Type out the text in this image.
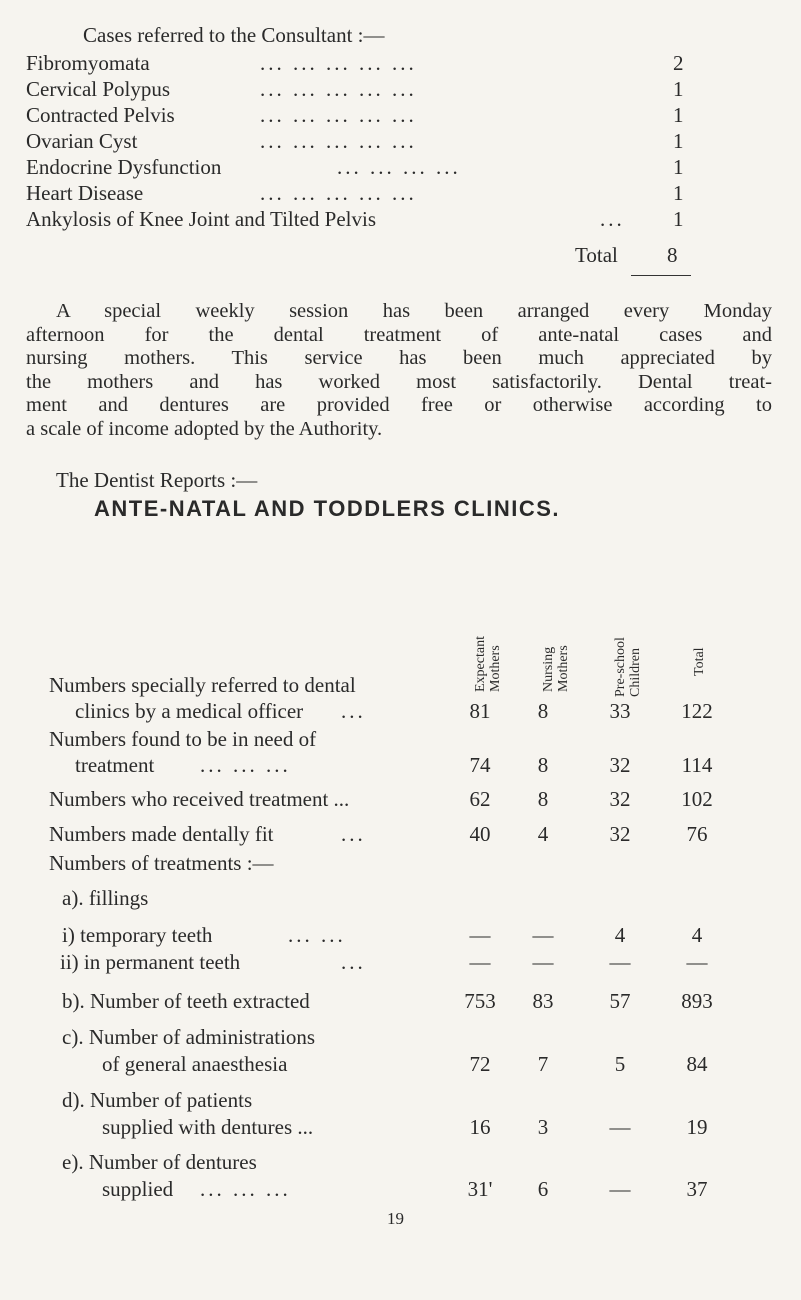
Cases referred to the Consultant :—
Fibromyomata	... ... ... ... ...	2
Cervical Polypus	... ... ... ... ...	1
Contracted Pelvis	... ... ... ... ...	1
Ovarian Cyst	... ... ... ... ...	1
Endocrine Dysfunction	... ... ... ...	1
Heart Disease	... ... ... ... ...	1
Ankylosis of Knee Joint and Tilted Pelvis	... 1
Total 8
A special weekly session has been arranged every Monday
afternoon for the dental treatment of ante-natal cases and
nursing mothers. This service has been much appreciated by
the mothers and has worked most satisfactorily. Dental treat-
ment and dentures are provided free or otherwise according to
a scale of income adopted by the Authority.
The Dentist Reports :—
ANTE-NATAL AND TODDLERS CLINICS.
Expectant Mothers	Nursing Mothers	Pre-school Children	Total
Numbers specially referred to dental
clinics by a medical officer ...	81	8	33	122
Numbers found to be in need of
treatment ... ... ...	74	8	32	114
Numbers who received treatment ...	62	8	32	102
Numbers made dentally fit	...	40	4	32	76
Numbers of treatments :—
a). fillings
i) temporary teeth	... ...	—	—	4	4
ii) in permanent teeth	...	—	—	—	—
b). Number of teeth extracted	753	83	57	893
c). Number of administrations
of general anaesthesia	72	7	5	84
d). Number of patients
supplied with dentures ...	16	3	—	19
e). Number of dentures
supplied ... ... ...	31'	6	—	37
19
